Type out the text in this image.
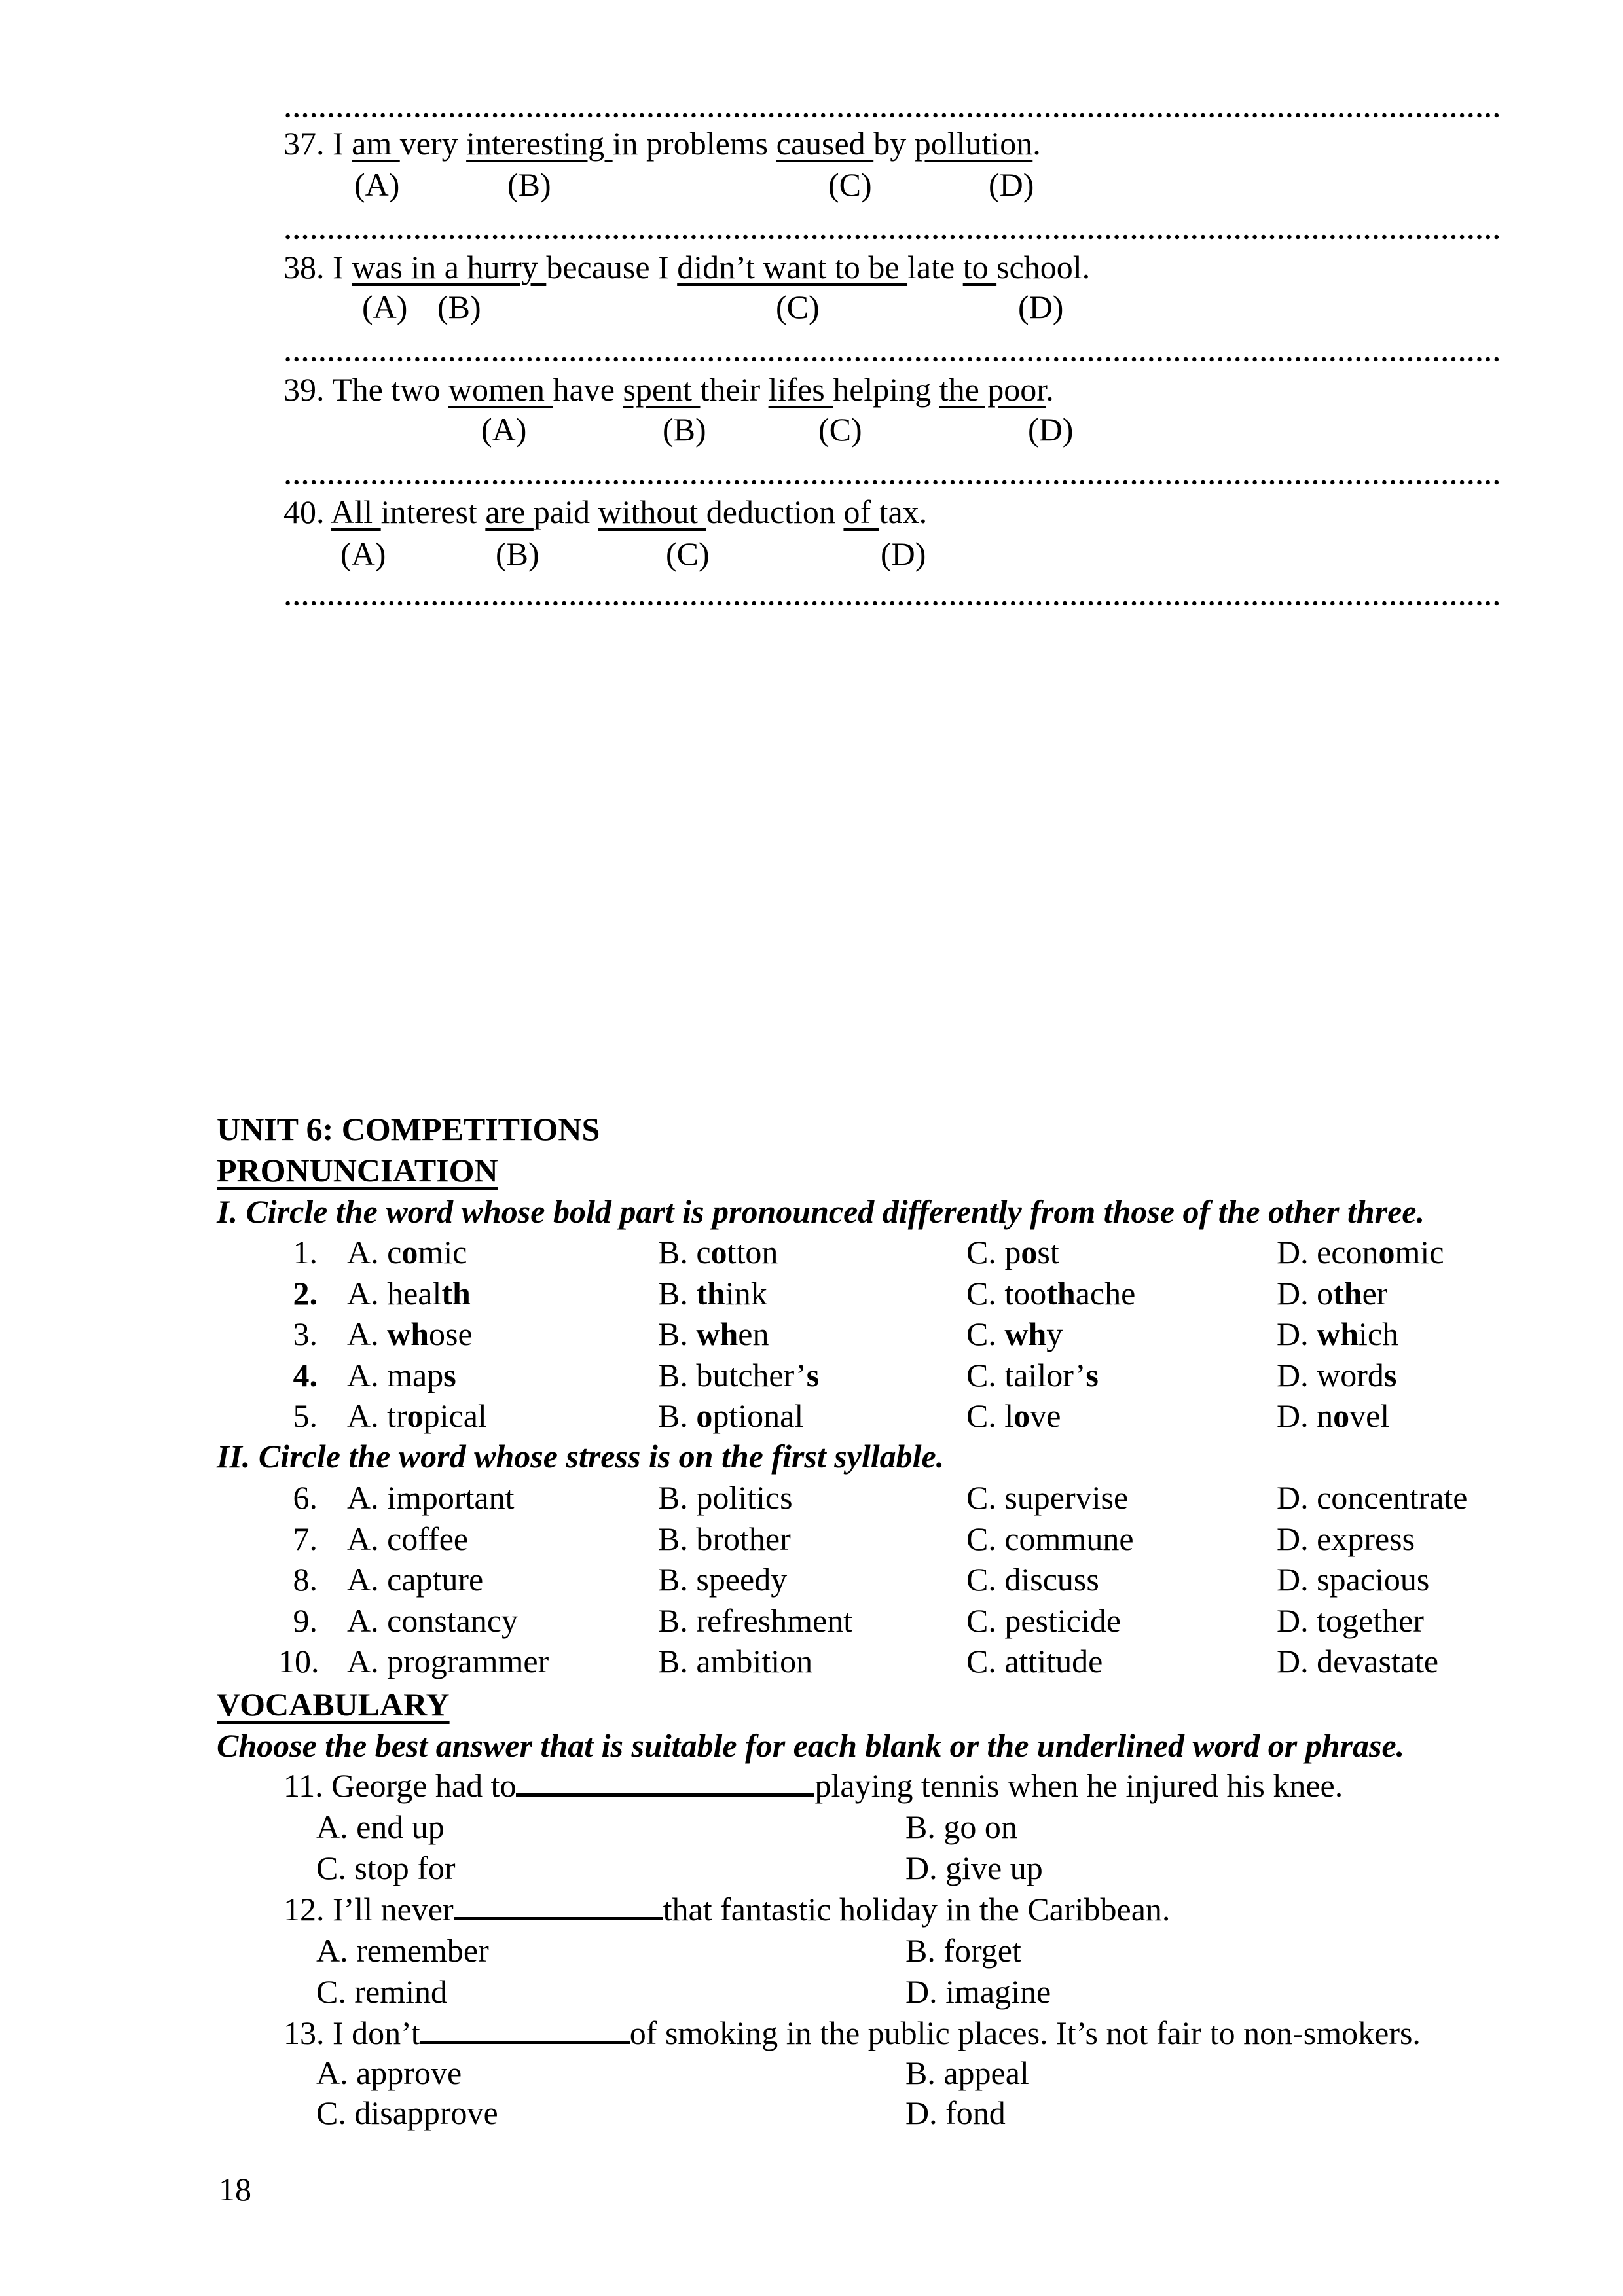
37. I am very interesting in problems caused by pollution.
(A)	(B)	(C)	(D)
38. I was in a hurry because I didn’t want to be late to school.
(A) (B)	(C)	(D)
39. The two women have spent their lifes helping the poor.
(A)	(B)	(C)	(D)
40. All interest are paid without deduction of tax.
(A)	(B)	(C)	(D)
UNIT 6: COMPETITIONS
PRONUNCIATION
I. Circle the word whose bold part is pronounced differently from those of the other three.
1. A. comic	B. cotton	C. post	D. economic
2. A. health	B. think	C. toothache	D. other
3. A. whose	B. when	C. why	D. which
4. A. maps	B. butcher’s	C. tailor’s	D. words
5. A. tropical	B. optional	C. love	D. novel
II. Circle the word whose stress is on the first syllable.
6. A. important	B. politics	C. supervise	D. concentrate
7. A. coffee	B. brother	C. commune	D. express
8. A. capture	B. speedy	C. discuss	D. spacious
9. A. constancy	B. refreshment	C. pesticide	D. together
10. A. programmer	B. ambition	C. attitude	D. devastate
VOCABULARY
Choose the best answer that is suitable for each blank or the underlined word or phrase.
11. George had to	playing tennis when he injured his knee.
A. end up	B. go on
C. stop for	D. give up
12. I’ll never	that fantastic holiday in the Caribbean.
A. remember	B. forget
C. remind	D. imagine
13. I don’t	of smoking in the public places. It’s not fair to non-smokers.
A. approve	B. appeal
C. disapprove	D. fond
18
